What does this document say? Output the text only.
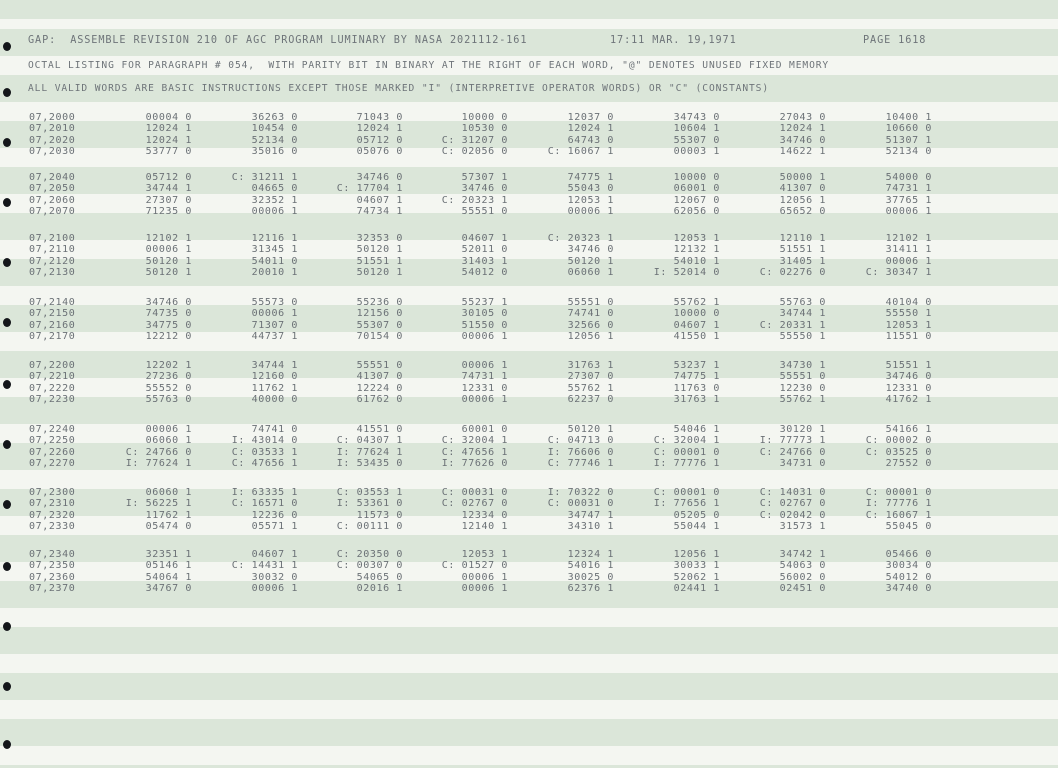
GAP:  ASSEMBLE REVISION 210 OF AGC PROGRAM LUMINARY BY NASA 2021112-161	17:11 MAR. 19,1971	PAGE 1618
OCTAL LISTING FOR PARAGRAPH # 054,  WITH PARITY BIT IN BINARY AT THE RIGHT OF EACH WORD, "@" DENOTES UNUSED FIXED MEMORY
ALL VALID WORDS ARE BASIC INSTRUCTIONS EXCEPT THOSE MARKED "I" (INTERPRETIVE OPERATOR WORDS) OR "C" (CONSTANTS)
07,2000	00004 0	36263 0	71043 0	10000 0	12037 0	34743 0	27043 0	10400 1
07,2010	12024 1	10454 0	12024 1	10530 0	12024 1	10604 1	12024 1	10660 0
07,2020	12024 1	52134 0	05712 0	C: 31207 0	64743 0	55307 0	34746 0	51307 1
07,2030	53777 0	35016 0	05076 0	C: 02056 0	C: 16067 1	00003 1	14622 1	52134 0
07,2040	05712 0	C: 31211 1	34746 0	57307 1	74775 1	10000 0	50000 1	54000 0
07,2050	34744 1	04665 0	C: 17704 1	34746 0	55043 0	06001 0	41307 0	74731 1
07,2060	27307 0	32352 1	04607 1	C: 20323 1	12053 1	12067 0	12056 1	37765 1
07,2070	71235 0	00006 1	74734 1	55551 0	00006 1	62056 0	65652 0	00006 1
07,2100	12102 1	12116 1	32353 0	04607 1	C: 20323 1	12053 1	12110 1	12102 1
07,2110	00006 1	31345 1	50120 1	52011 0	34746 0	12132 1	51551 1	31411 1
07,2120	50120 1	54011 0	51551 1	31403 1	50120 1	54010 1	31405 1	00006 1
07,2130	50120 1	20010 1	50120 1	54012 0	06060 1	I: 52014 0	C: 02276 0	C: 30347 1
07,2140	34746 0	55573 0	55236 0	55237 1	55551 0	55762 1	55763 0	40104 0
07,2150	74735 0	00006 1	12156 0	30105 0	74741 0	10000 0	34744 1	55550 1
07,2160	34775 0	71307 0	55307 0	51550 0	32566 0	04607 1	C: 20331 1	12053 1
07,2170	12212 0	44737 1	70154 0	00006 1	12056 1	41550 1	55550 1	11551 0
07,2200	12202 1	34744 1	55551 0	00006 1	31763 1	53237 1	34730 1	51551 1
07,2210	27236 0	12160 0	41307 0	74731 1	27307 0	74775 1	55551 0	34746 0
07,2220	55552 0	11762 1	12224 0	12331 0	55762 1	11763 0	12230 0	12331 0
07,2230	55763 0	40000 0	61762 0	00006 1	62237 0	31763 1	55762 1	41762 1
07,2240	00006 1	74741 0	41551 0	60001 0	50120 1	54046 1	30120 1	54166 1
07,2250	06060 1	I: 43014 0	C: 04307 1	C: 32004 1	C: 04713 0	C: 32004 1	I: 77773 1	C: 00002 0
07,2260	C: 24766 0	C: 03533 1	I: 77624 1	C: 47656 1	I: 76606 0	C: 00001 0	C: 24766 0	C: 03525 0
07,2270	I: 77624 1	C: 47656 1	I: 53435 0	I: 77626 0	C: 77746 1	I: 77776 1	34731 0	27552 0
07,2300	06060 1	I: 63335 1	C: 03553 1	C: 00031 0	I: 70322 0	C: 00001 0	C: 14031 0	C: 00001 0
07,2310	I: 56225 1	C: 16571 0	I: 53361 0	C: 02767 0	C: 00031 0	I: 77656 1	C: 02767 0	I: 77776 1
07,2320	11762 1	12236 0	11573 0	12334 0	34747 1	05205 0	C: 02042 0	C: 16067 1
07,2330	05474 0	05571 1	C: 00111 0	12140 1	34310 1	55044 1	31573 1	55045 0
07,2340	32351 1	04607 1	C: 20350 0	12053 1	12324 1	12056 1	34742 1	05466 0
07,2350	05146 1	C: 14431 1	C: 00307 0	C: 01527 0	54016 1	30033 1	54063 0	30034 0
07,2360	54064 1	30032 0	54065 0	00006 1	30025 0	52062 1	56002 0	54012 0
07,2370	34767 0	00006 1	02016 1	00006 1	62376 1	02441 1	02451 0	34740 0
